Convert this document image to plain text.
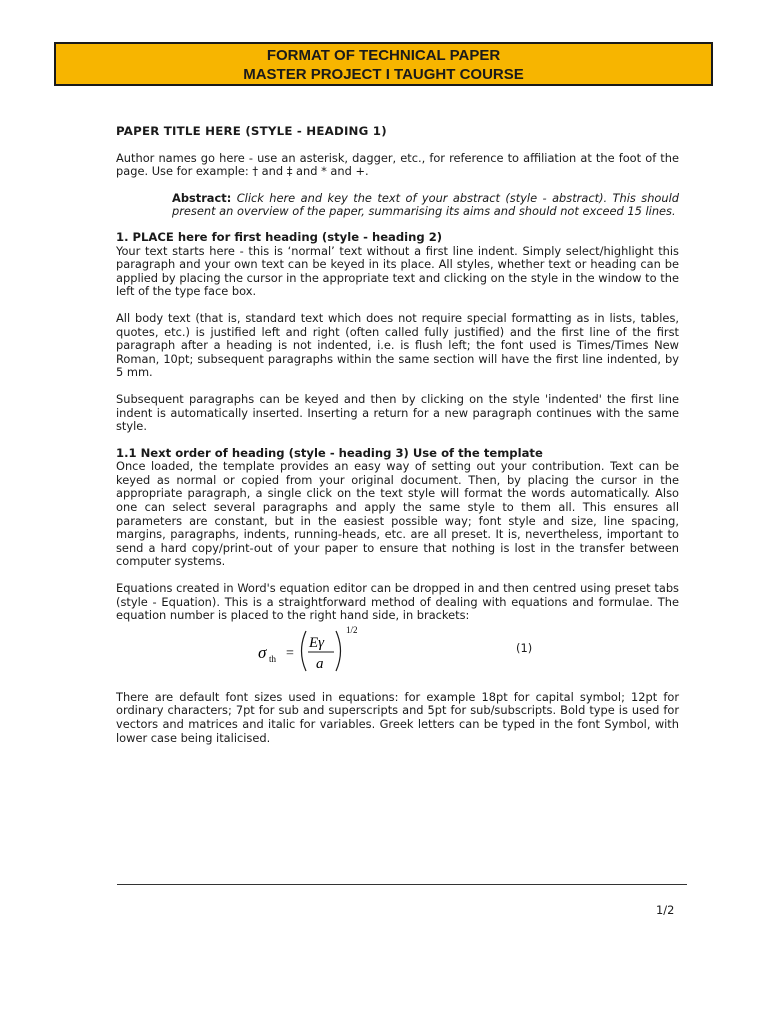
FORMAT OF TECHNICAL PAPER
MASTER PROJECT I TAUGHT COURSE
PAPER TITLE HERE (STYLE - HEADING 1)

Author names go here - use an asterisk, dagger, etc., for reference to affiliation at the foot of the page. Use for example: † and ‡ and * and +.

Abstract: Click here and key the text of your abstract (style - abstract). This should present an overview of the paper, summarising its aims and should not exceed 15 lines.
1. PLACE here for first heading (style - heading 2)

Your text starts here - this is ‘normal’ text without a first line indent. Simply select/highlight this paragraph and your own text can be keyed in its place. All styles, whether text or heading can be applied by placing the cursor in the appropriate text and clicking on the style in the window to the left of the type face box.

All body text (that is, standard text which does not require special formatting as in lists, tables, quotes, etc.) is justified left and right (often called fully justified) and the first line of the first paragraph after a heading is not indented, i.e. is flush left; the font used is Times/Times New Roman, 10pt; subsequent paragraphs within the same section will have the first line indented, by 5 mm.

Subsequent paragraphs can be keyed and then by clicking on the style 'indented' the first line indent is automatically inserted. Inserting a return for a new paragraph continues with the same style.

1.1 Next order of heading (style - heading 3) Use of the template

Once loaded, the template provides an easy way of setting out your contribution. Text can be keyed as normal or copied from your original document. Then, by placing the cursor in the appropriate paragraph, a single click on the text style will format the words automatically. Also one can select several paragraphs and apply the same style to them all. This ensures all parameters are constant, but in the easiest possible way; font style and size, line spacing, margins, paragraphs, indents, running-heads, etc. are all preset. It is, nevertheless, important to send a hard copy/print-out of your paper to ensure that nothing is lost in the transfer between computer systems.

Equations created in Word's equation editor can be dropped in and then centred using preset tabs (style - Equation). This is a straightforward method of dealing with equations and formulae. The equation number is placed to the right hand side, in brackets:

σ th =
Eγ
a
1/2
(1)

There are default font sizes used in equations: for example 18pt for capital symbol; 12pt for ordinary characters; 7pt for sub and superscripts and 5pt for sub/subscripts. Bold type is used for vectors and matrices and italic for variables. Greek letters can be typed in the font Symbol, with lower case being italicised.

1/2
